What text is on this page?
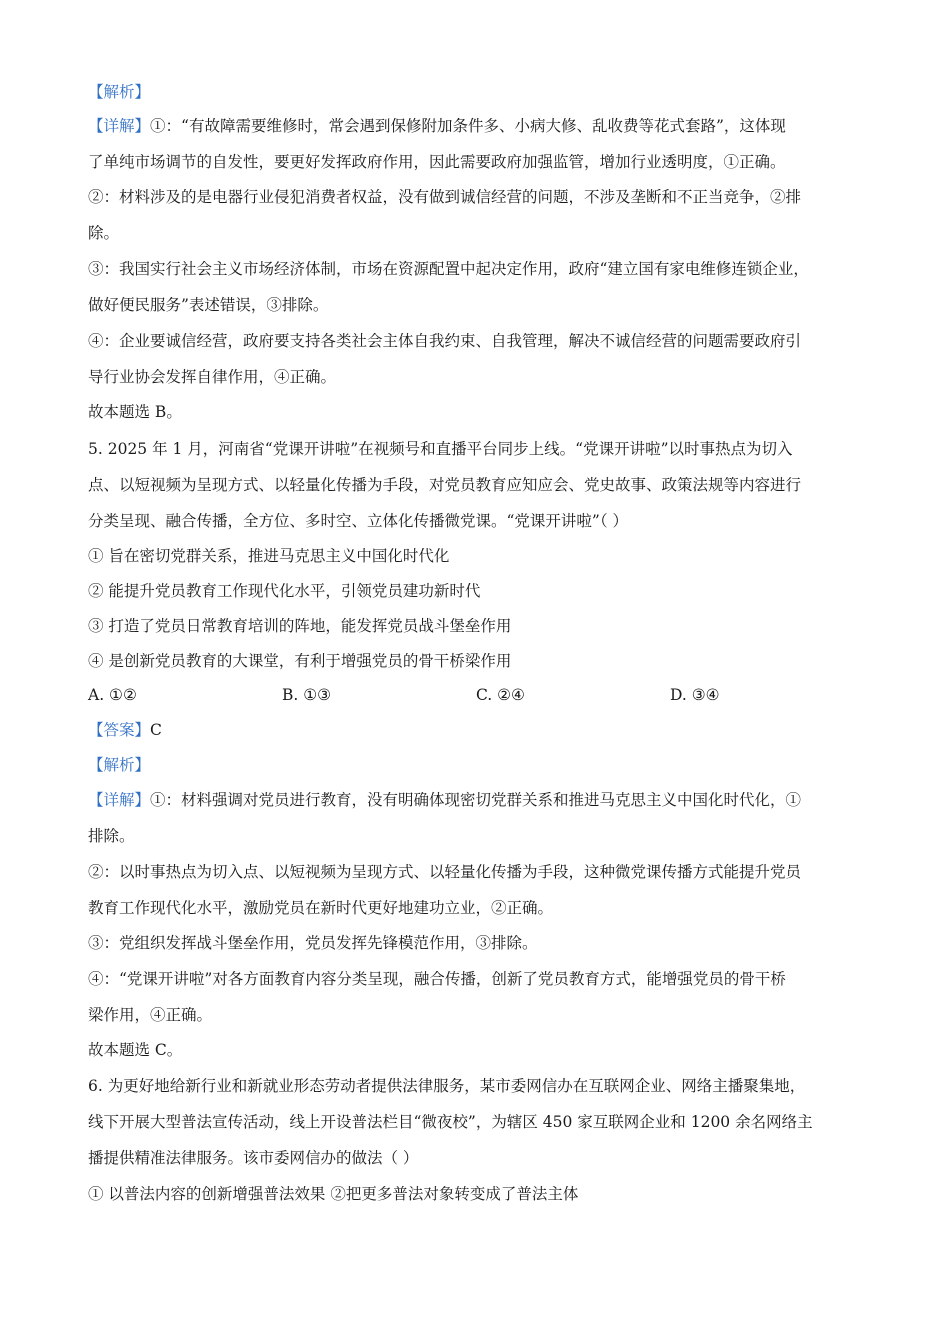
【解析】
【详解】①：“有故障需要维修时，常会遇到保修附加条件多、小病大修、乱收费等花式套路”，这体现
了单纯市场调节的自发性，要更好发挥政府作用，因此需要政府加强监管，增加行业透明度，①正确。
②：材料涉及的是电器行业侵犯消费者权益，没有做到诚信经营的问题，不涉及垄断和不正当竞争，②排
除。
③：我国实行社会主义市场经济体制，市场在资源配置中起决定作用，政府“建立国有家电维修连锁企业，
做好便民服务”表述错误，③排除。
④：企业要诚信经营，政府要支持各类社会主体自我约束、自我管理，解决不诚信经营的问题需要政府引
导行业协会发挥自律作用，④正确。
故本题选 B。
5. 2025 年 1 月，河南省“党课开讲啦”在视频号和直播平台同步上线。“党课开讲啦”以时事热点为切入
点、以短视频为呈现方式、以轻量化传播为手段，对党员教育应知应会、党史故事、政策法规等内容进行
分类呈现、融合传播，全方位、多时空、立体化传播微党课。“党课开讲啦”（ ）
① 旨在密切党群关系，推进马克思主义中国化时代化
② 能提升党员教育工作现代化水平，引领党员建功新时代
③ 打造了党员日常教育培训的阵地，能发挥党员战斗堡垒作用
④ 是创新党员教育的大课堂，有利于增强党员的骨干桥梁作用
A. ①②	B. ①③	C. ②④	D. ③④
【答案】C
【解析】
【详解】①：材料强调对党员进行教育，没有明确体现密切党群关系和推进马克思主义中国化时代化，①
排除。
②：以时事热点为切入点、以短视频为呈现方式、以轻量化传播为手段，这种微党课传播方式能提升党员
教育工作现代化水平，激励党员在新时代更好地建功立业，②正确。
③：党组织发挥战斗堡垒作用，党员发挥先锋模范作用，③排除。
④：“党课开讲啦”对各方面教育内容分类呈现，融合传播，创新了党员教育方式，能增强党员的骨干桥
梁作用，④正确。
故本题选 C。
6. 为更好地给新行业和新就业形态劳动者提供法律服务，某市委网信办在互联网企业、网络主播聚集地，
线下开展大型普法宣传活动，线上开设普法栏目“微夜校”，为辖区 450 家互联网企业和 1200 余名网络主
播提供精准法律服务。该市委网信办的做法（ ）
① 以普法内容的创新增强普法效果 ②把更多普法对象转变成了普法主体
